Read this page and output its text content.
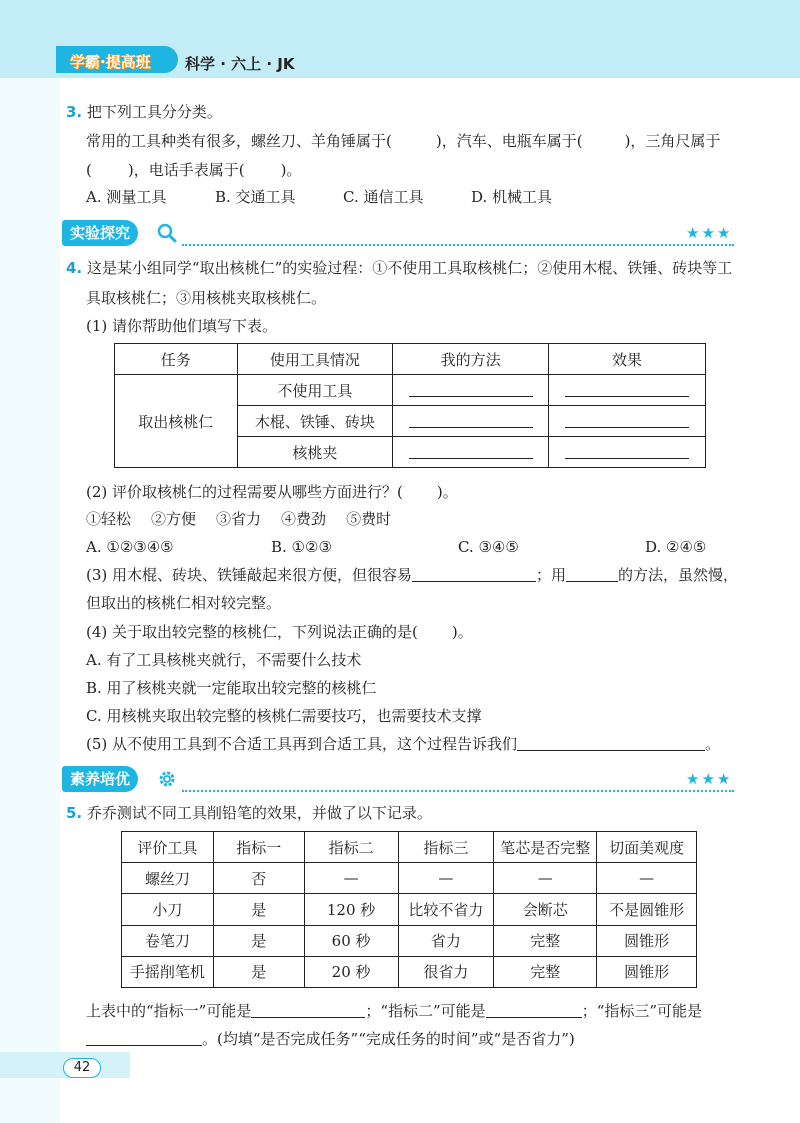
学霸·提高班 科学 · 六上 · JK
3. 把下列工具分分类。
常用的工具种类有很多，螺丝刀、羊角锤属于(	)，汽车、电瓶车属于(	)，三角尺属于
( )，电话手表属于( )。
A. 测量工具	B. 交通工具	C. 通信工具	D. 机械工具
实验探究	★★★
4. 这是某小组同学“取出核桃仁”的实验过程：①不使用工具取核桃仁；②使用木棍、铁锤、砖块等工
具取核桃仁；③用核桃夹取核桃仁。
(1) 请你帮助他们填写下表。
任务	使用工具情况	我的方法	效果
取出核桃仁	不使用工具		
	木棍、铁锤、砖块		
	核桃夹		
(2) 评价取核桃仁的过程需要从哪些方面进行？( )。
①轻松 ②方便 ③省力 ④费劲 ⑤费时
A. ①②③④⑤	B. ①②③	C. ③④⑤	D. ②④⑤
(3) 用木棍、砖块、铁锤敲起来很方便，但很容易	；用	的方法，虽然慢，
但取出的核桃仁相对较完整。
(4) 关于取出较完整的核桃仁，下列说法正确的是( )。
A. 有了工具核桃夹就行，不需要什么技术
B. 用了核桃夹就一定能取出较完整的核桃仁
C. 用核桃夹取出较完整的核桃仁需要技巧，也需要技术支撑
(5) 从不使用工具到不合适工具再到合适工具，这个过程告诉我们	。
素养培优	★★★
5. 乔乔测试不同工具削铅笔的效果，并做了以下记录。
评价工具	指标一	指标二	指标三	笔芯是否完整	切面美观度
螺丝刀	否	—	—	—	—
小刀	是	120 秒	比较不省力	会断芯	不是圆锥形
卷笔刀	是	60 秒	省力	完整	圆锥形
手摇削笔机	是	20 秒	很省力	完整	圆锥形
上表中的“指标一”可能是	；“指标二”可能是	；“指标三”可能是
。(均填“是否完成任务”“完成任务的时间”或“是否省力”)
42
